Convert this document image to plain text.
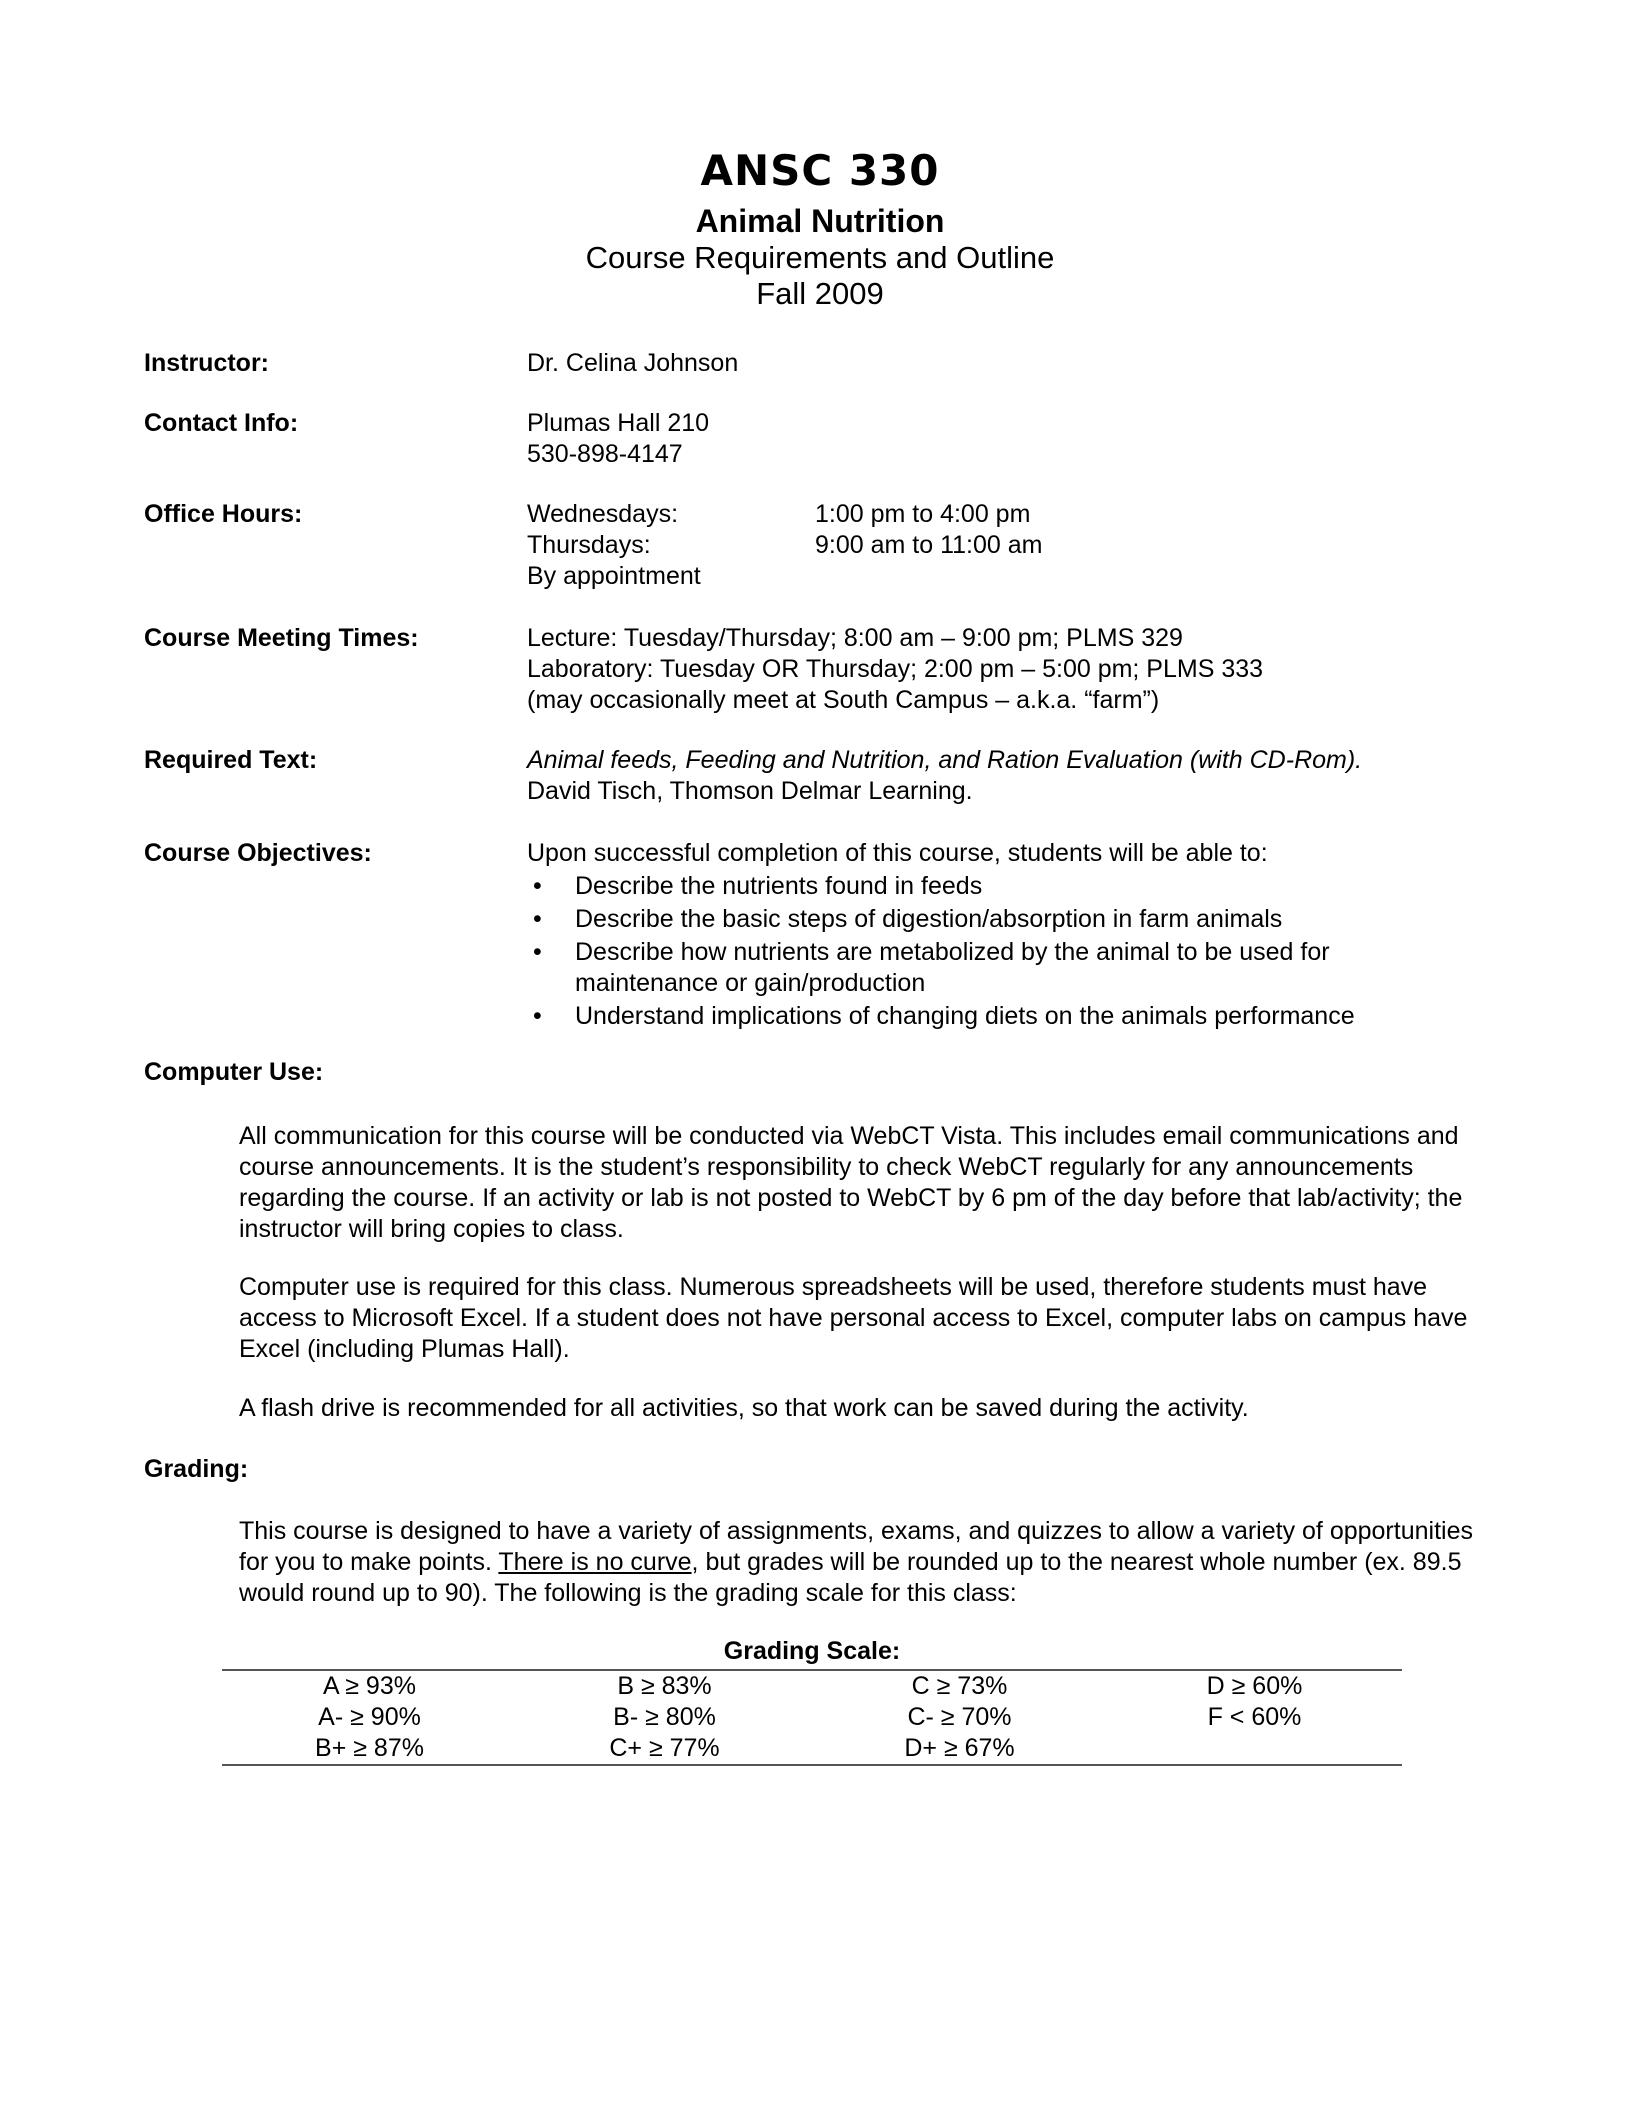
ANSC 330
Animal Nutrition
Course Requirements and Outline
Fall 2009
Instructor:	Dr. Celina Johnson
Contact Info:	Plumas Hall 210
530-898-4147
Office Hours:	Wednesdays:	1:00 pm to 4:00 pm
Thursdays:	9:00 am to 11:00 am
By appointment
Course Meeting Times:	Lecture: Tuesday/Thursday; 8:00 am – 9:00 pm; PLMS 329
Laboratory: Tuesday OR Thursday; 2:00 pm – 5:00 pm; PLMS 333
(may occasionally meet at South Campus – a.k.a. “farm”)
Required Text:	Animal feeds, Feeding and Nutrition, and Ration Evaluation (with CD-Rom).
David Tisch, Thomson Delmar Learning.
Course Objectives:	Upon successful completion of this course, students will be able to:
• Describe the nutrients found in feeds
• Describe the basic steps of digestion/absorption in farm animals
• Describe how nutrients are metabolized by the animal to be used for maintenance or gain/production
• Understand implications of changing diets on the animals performance
Computer Use:
All communication for this course will be conducted via WebCT Vista. This includes email communications and course announcements. It is the student’s responsibility to check WebCT regularly for any announcements regarding the course. If an activity or lab is not posted to WebCT by 6 pm of the day before that lab/activity; the instructor will bring copies to class.
Computer use is required for this class. Numerous spreadsheets will be used, therefore students must have access to Microsoft Excel. If a student does not have personal access to Excel, computer labs on campus have Excel (including Plumas Hall).
A flash drive is recommended for all activities, so that work can be saved during the activity.
Grading:
This course is designed to have a variety of assignments, exams, and quizzes to allow a variety of opportunities for you to make points. There is no curve, but grades will be rounded up to the nearest whole number (ex. 89.5 would round up to 90). The following is the grading scale for this class:
Grading Scale:
A ≥ 93%	B ≥ 83%	C ≥ 73%	D ≥ 60%
A- ≥ 90%	B- ≥ 80%	C- ≥ 70%	F < 60%
B+ ≥ 87%	C+ ≥ 77%	D+ ≥ 67%	
